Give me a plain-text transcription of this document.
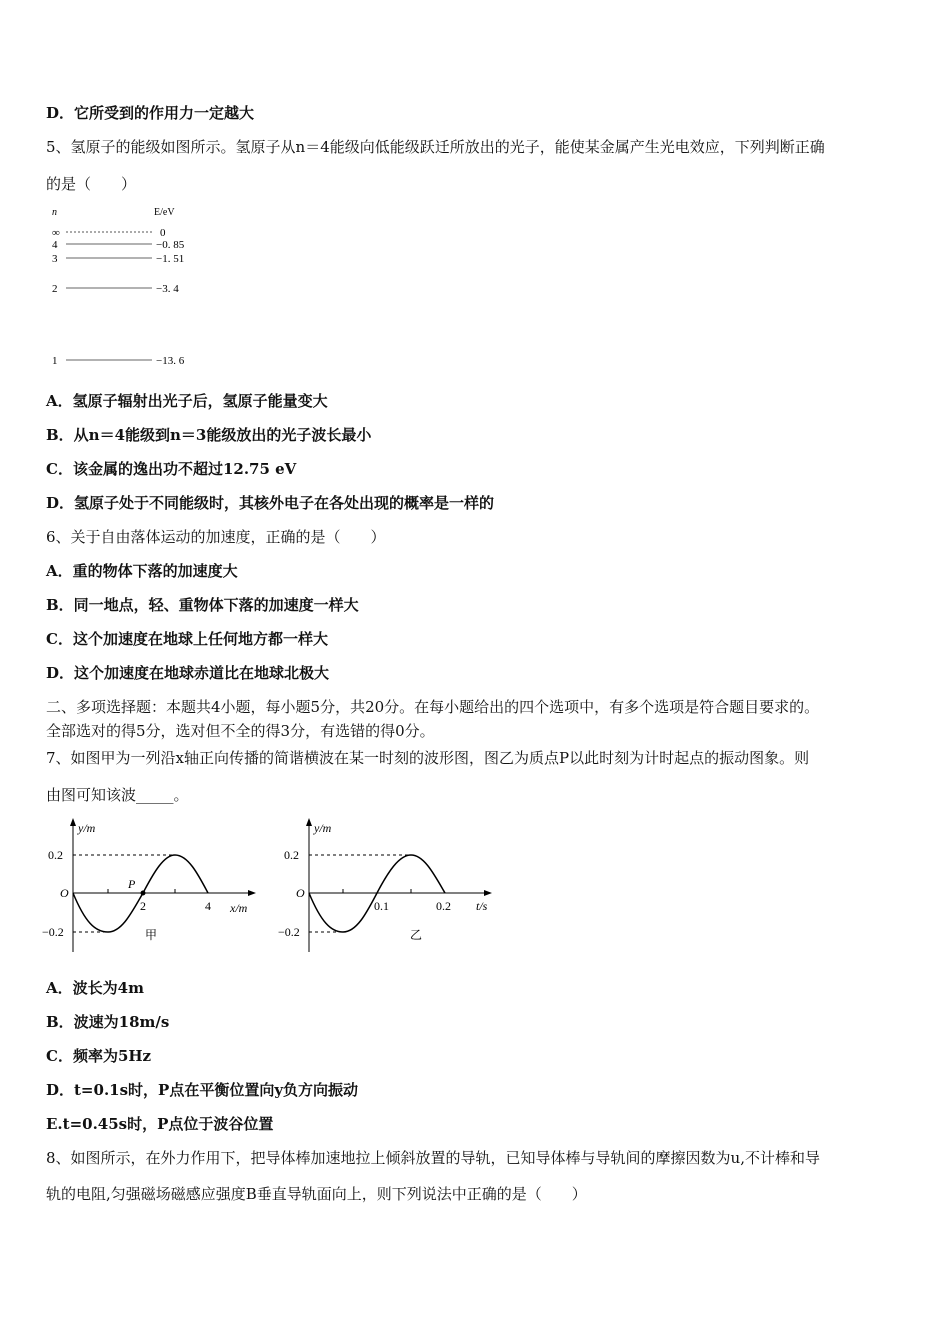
D．它所受到的作用力一定越大
5、氢原子的能级如图所示。氢原子从n＝4能级向低能级跃迁所放出的光子，能使某金属产生光电效应，下列判断正确
的是（　　）
n	E/eV
∞	0
4	−0. 85
3	−1. 51
2	−3. 4
1	−13. 6
A．氢原子辐射出光子后，氢原子能量变大
B．从n＝4能级到n＝3能级放出的光子波长最小
C．该金属的逸出功不超过12.75 eV
D．氢原子处于不同能级时，其核外电子在各处出现的概率是一样的
6、关于自由落体运动的加速度，正确的是（　　）
A．重的物体下落的加速度大
B．同一地点，轻、重物体下落的加速度一样大
C．这个加速度在地球上任何地方都一样大
D．这个加速度在地球赤道比在地球北极大
二、多项选择题：本题共4小题，每小题5分，共20分。在每小题给出的四个选项中，有多个选项是符合题目要求的。
全部选对的得5分，选对但不全的得3分，有选错的得0分。
7、如图甲为一列沿x轴正向传播的简谐横波在某一时刻的波形图，图乙为质点P以此时刻为计时起点的振动图象。则
由图可知该波_____。
y/m
0.2
−0.2
O
2	4 x/m
P
甲
y/m
0.2
−0.2
O
0.1	0.2 t/s
乙
A．波长为4m
B．波速为18m/s
C．频率为5Hz
D．t=0.1s时，P点在平衡位置向y负方向振动
E.t=0.45s时，P点位于波谷位置
8、如图所示，在外力作用下，把导体棒加速地拉上倾斜放置的导轨，已知导体棒与导轨间的摩擦因数为u,不计棒和导
轨的电阻,匀强磁场磁感应强度B垂直导轨面向上，则下列说法中正确的是（　　）
